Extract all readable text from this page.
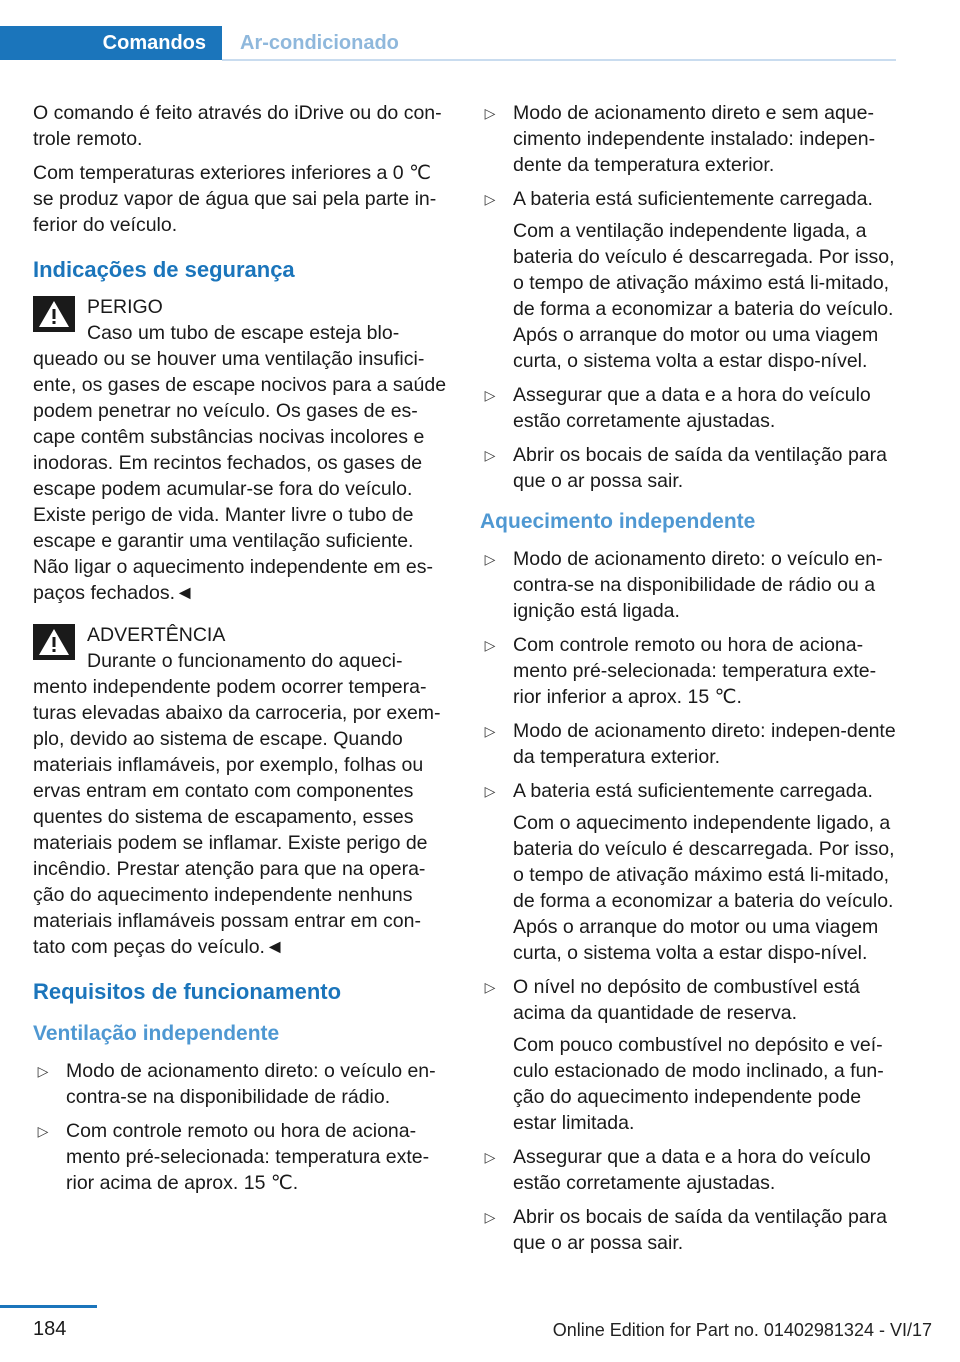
Comandos Ar-condicionado

O comando é feito através do iDrive ou do con-trole remoto.

Com temperaturas exteriores inferiores a 0 ℃ se produz vapor de água que sai pela parte in-ferior do veículo.

Indicações de segurança

PERIGO

Caso um tubo de escape esteja blo-queado ou se houver uma ventilação insufici-ente, os gases de escape nocivos para a saúde podem penetrar no veículo. Os gases de es-cape contêm substâncias nocivas incolores e inodoras. Em recintos fechados, os gases de escape podem acumular-se fora do veículo. Existe perigo de vida. Manter livre o tubo de escape e garantir uma ventilação suficiente. Não ligar o aquecimento independente em es-paços fechados.◄

ADVERTÊNCIA

Durante o funcionamento do aqueci-mento independente podem ocorrer tempera-turas elevadas abaixo da carroceria, por exem-plo, devido ao sistema de escape. Quando materiais inflamáveis, por exemplo, folhas ou ervas entram em contato com componentes quentes do sistema de escapamento, esses materiais podem se inflamar. Existe perigo de incêndio. Prestar atenção para que na opera-ção do aquecimento independente nenhuns materiais inflamáveis possam entrar em con-tato com peças do veículo.◄

Requisitos de funcionamento
Ventilação independente
▷ Modo de acionamento direto: o veículo en-contra-se na disponibilidade de rádio.
▷ Com controle remoto ou hora de aciona-mento pré-selecionada: temperatura exte-rior acima de aprox. 15 ℃.
▷ Modo de acionamento direto e sem aque-cimento independente instalado: indepen-dente da temperatura exterior.
▷ A bateria está suficientemente carregada.

Com a ventilação independente ligada, a bateria do veículo é descarregada. Por isso, o tempo de ativação máximo está li-mitado, de forma a economizar a bateria do veículo. Após o arranque do motor ou uma viagem curta, o sistema volta a estar dispo-nível.

▷ Assegurar que a data e a hora do veículo estão corretamente ajustadas.
▷ Abrir os bocais de saída da ventilação para que o ar possa sair.
Aquecimento independente
▷ Modo de acionamento direto: o veículo en-contra-se na disponibilidade de rádio ou a ignição está ligada.
▷ Com controle remoto ou hora de aciona-mento pré-selecionada: temperatura exte-rior inferior a aprox. 15 ℃.
▷ Modo de acionamento direto: indepen-dente da temperatura exterior.
▷ A bateria está suficientemente carregada.

Com o aquecimento independente ligado, a bateria do veículo é descarregada. Por isso, o tempo de ativação máximo está li-mitado, de forma a economizar a bateria do veículo. Após o arranque do motor ou uma viagem curta, o sistema volta a estar dispo-nível.

▷ O nível no depósito de combustível está acima da quantidade de reserva.

Com pouco combustível no depósito e veí-culo estacionado de modo inclinado, a fun-ção do aquecimento independente pode estar limitada.

▷ Assegurar que a data e a hora do veículo estão corretamente ajustadas.
▷ Abrir os bocais de saída da ventilação para que o ar possa sair.
184	Online Edition for Part no. 01402981324 - VI/17
